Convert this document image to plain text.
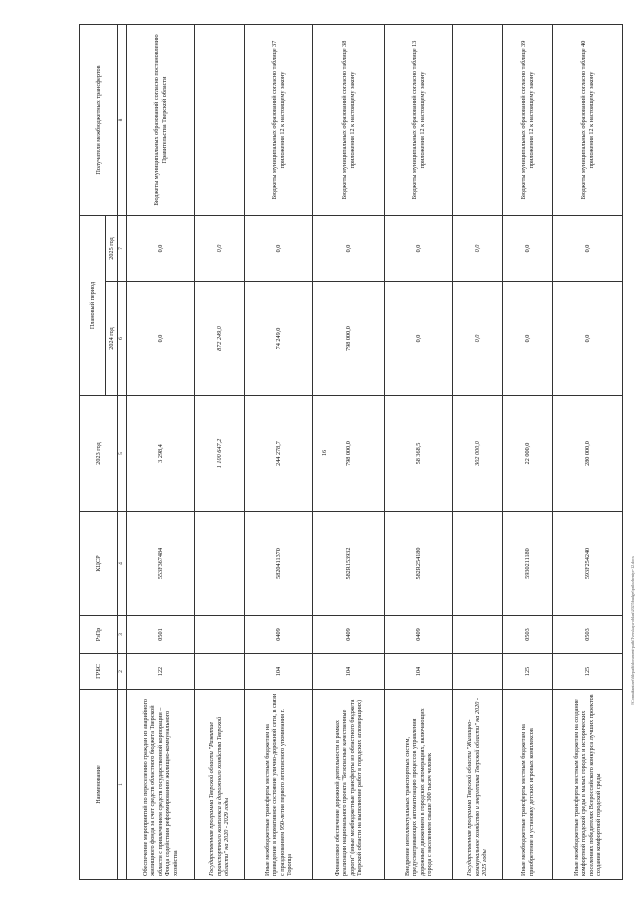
16
\\Consultant.net\filepath\document-path\Tverskaya-oblast\2023\budget\prilozheniye-12.docx
Наименование	ГРБС	РзПр	КЦСР	2023 год	Плановый период		Получатели межбюджетных трансфертов
					2024 год	2025 год	
1	2	3	4	5	6	7	8
Обеспечение мероприятий по переселению граждан из аварийного жилищного фонда за счет средств областного бюджета Тверской области с привлечением средств государственной корпорации – Фонда содействия реформированию жилищно-коммунального хозяйства	122	0501	553F367484	3 298,4	0,0	0,0	Бюджеты муниципальных образований согласно постановлению Правительства Тверской области
Государственная программа Тверской области "Развитие транспортного комплекса и дорожного хозяйства Тверской области" на 2020 - 2029 годы				1 100 647,2	872 249,0	0,0	
Иные межбюджетные трансферты местным бюджетам на приведение в нормативное состояние улично-дорожной сети, в связи с празднованием 950-летия первого летописного упоминания г. Торопца	104	0409	5820411370	244 278,7	74 249,0	0,0	Бюджеты муниципальных образований согласно таблице 37 приложения 12 к настоящему закону
Финансовое обеспечение дорожной деятельности в рамках реализации национального проекта "Безопасные качественные дороги" (иные межбюджетные трансферты из областного бюджета Тверской области на выполнение работ в городских агломерациях)	104	0409	582R153932	798 000,0	798 000,0	0,0	Бюджеты муниципальных образований согласно таблице 38 приложения 12 к настоящему закону
Внедрение интеллектуальных транспортных систем, предусматривающих автоматизацию процессов управления дорожным движением в городских агломерациях, включающих города с населением свыше 300 тысяч человек	104	0409	582R254180	58 368,5	0,0	0,0	Бюджеты муниципальных образований согласно таблице 13 приложения 12 к настоящему закону
Государственная программа Тверской области "Жилищно-коммунальное хозяйство и энергетика Тверской области" на 2020 - 2025 годы				302 000,0	0,0	0,0	
Иные межбюджетные трансферты местным бюджетам на приобретение и установку детских игровых комплексов	125	0503	5930211180	22 000,0	0,0	0,0	Бюджеты муниципальных образований согласно таблице 39 приложения 12 к настоящему закону
Иные межбюджетные трансферты местным бюджетам на создание комфортной городской среды в малых городах и исторических поселениях победителях Всероссийского конкурса лучших проектов создания комфортной городской среды	125	0503	593F254240	280 000,0	0,0	0,0	Бюджеты муниципальных образований согласно таблице 40 приложения 12 к настоящему закону
